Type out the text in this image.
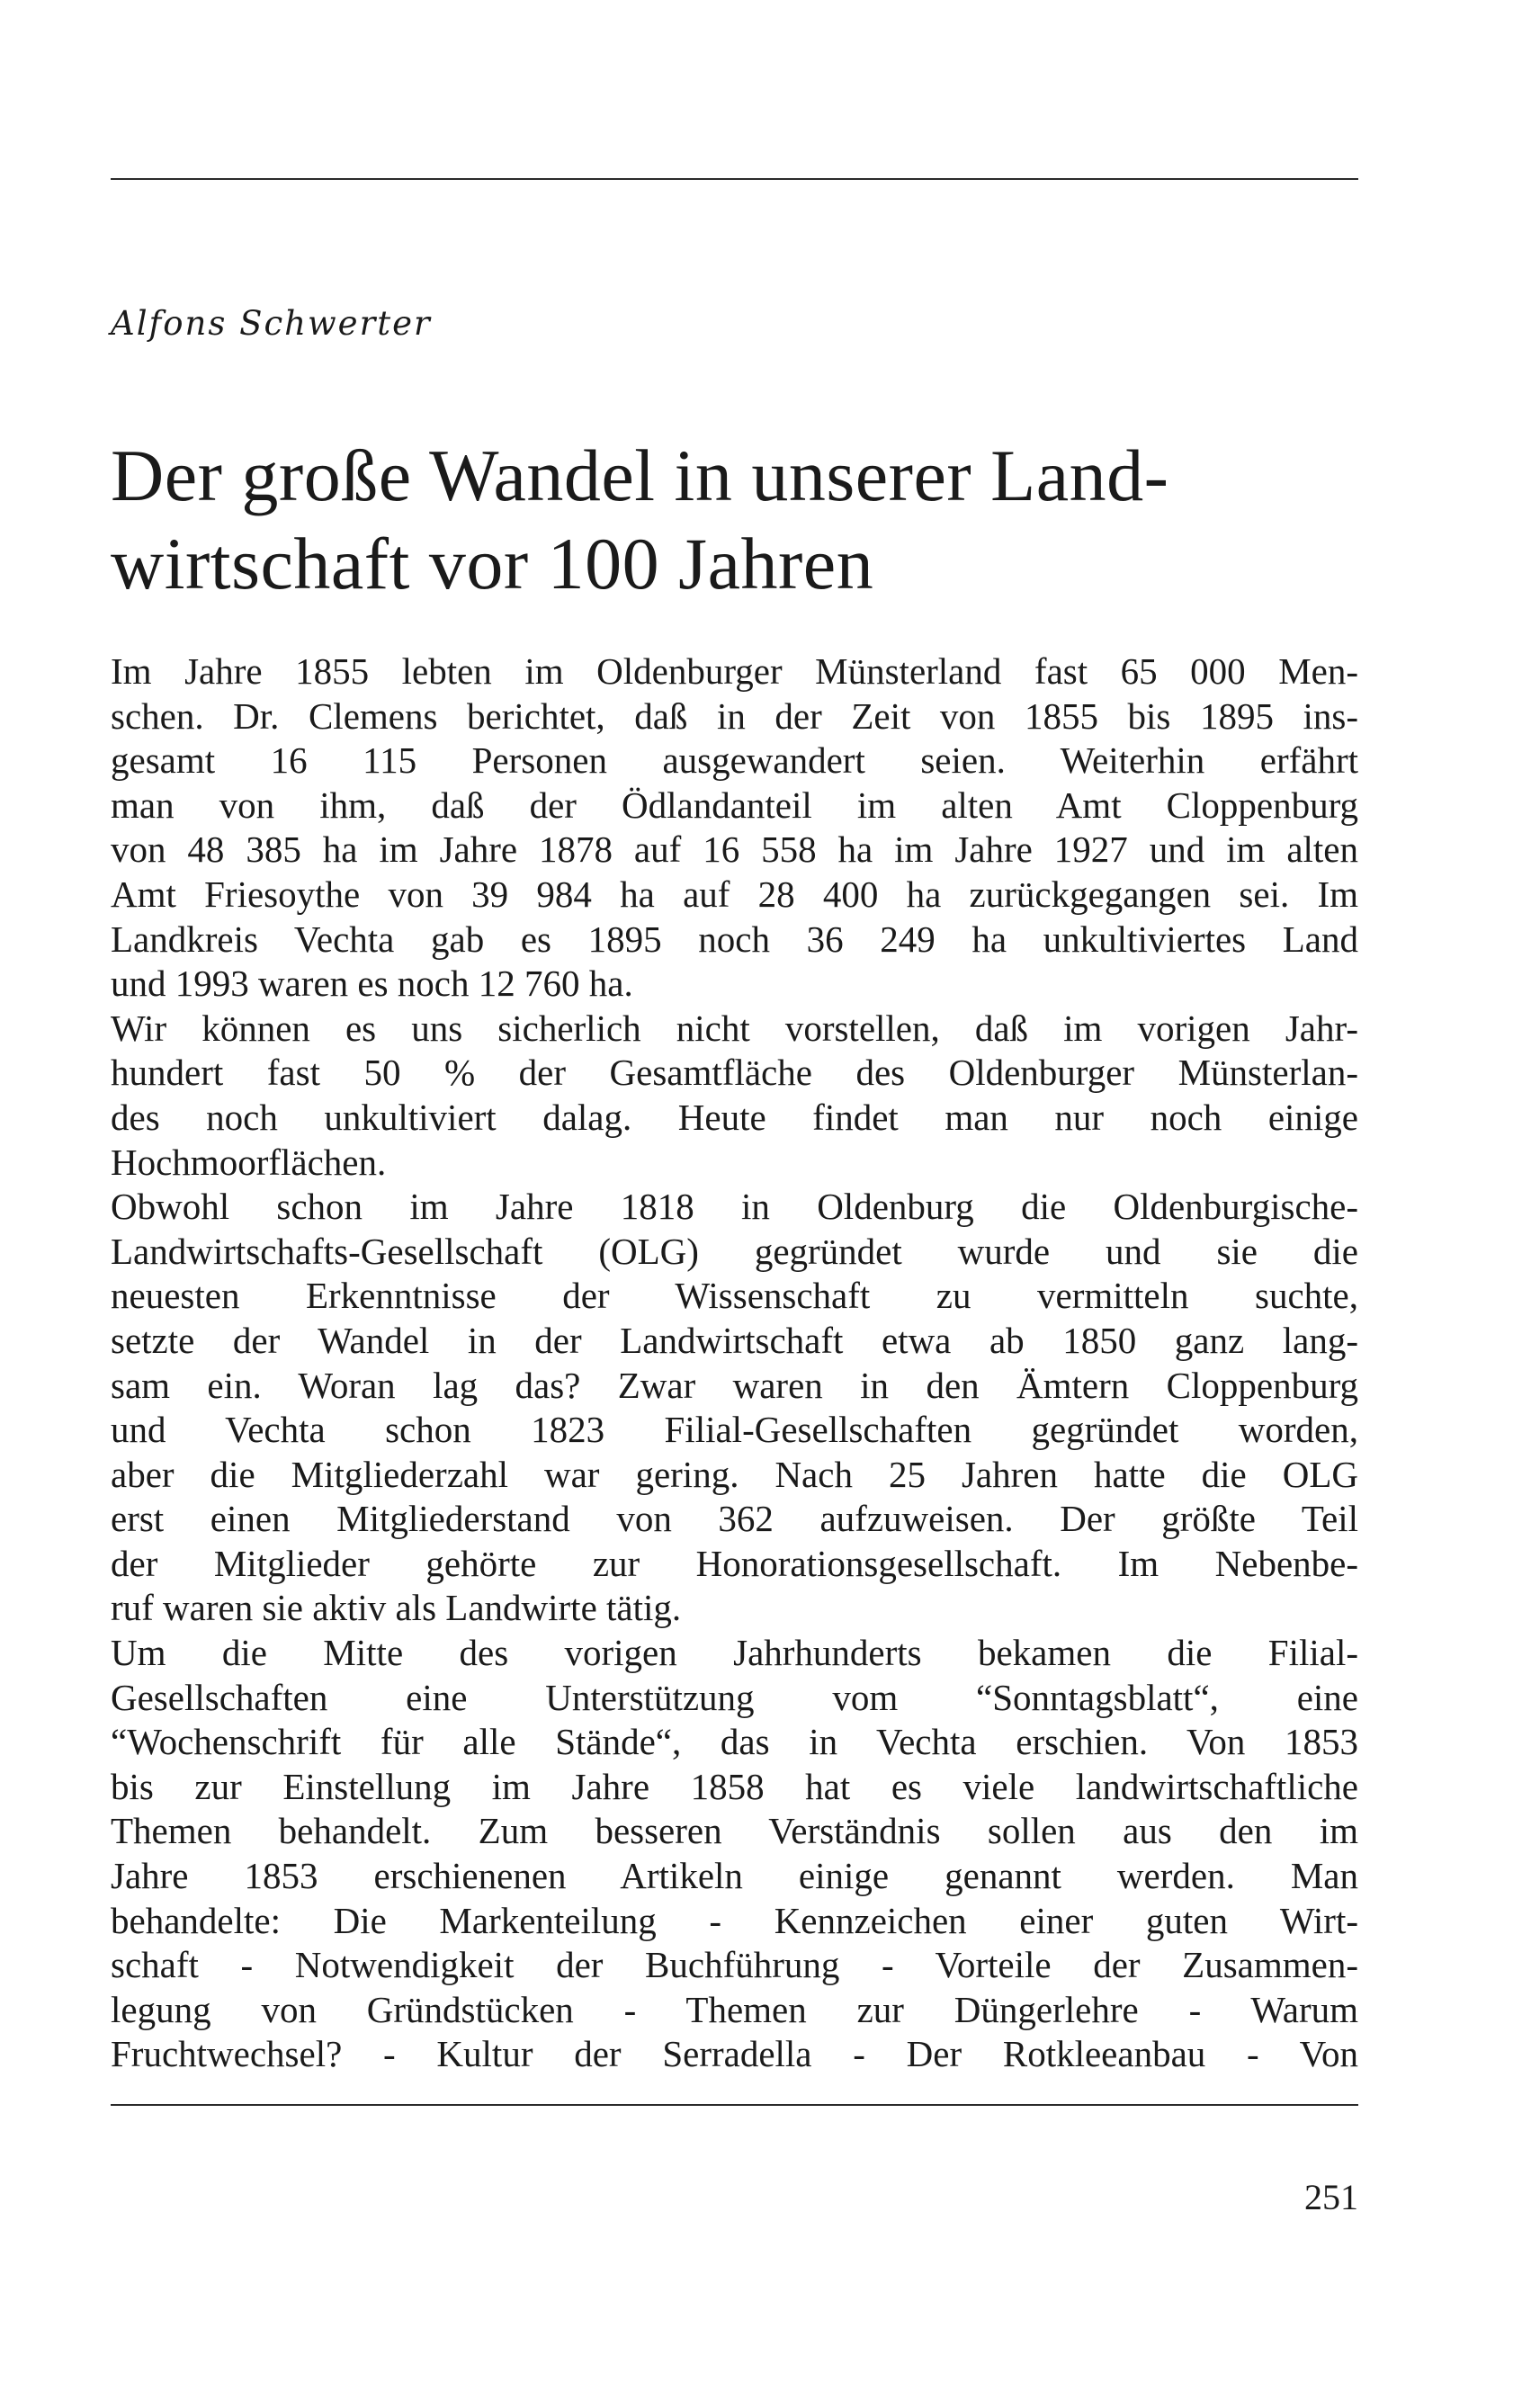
Alfons Schwerter
Der große Wandel in unserer Land-
wirtschaft vor 100 Jahren
Im Jahre 1855 lebten im Oldenburger Münsterland fast 65 000 Men-
schen. Dr. Clemens berichtet, daß in der Zeit von 1855 bis 1895 ins-
gesamt 16 115 Personen ausgewandert seien. Weiterhin erfährt
man von ihm, daß der Ödlandanteil im alten Amt Cloppenburg
von 48 385 ha im Jahre 1878 auf 16 558 ha im Jahre 1927 und im alten
Amt Friesoythe von 39 984 ha auf 28 400 ha zurückgegangen sei. Im
Landkreis Vechta gab es 1895 noch 36 249 ha unkultiviertes Land
und 1993 waren es noch 12 760 ha.
Wir können es uns sicherlich nicht vorstellen, daß im vorigen Jahr-
hundert fast 50 % der Gesamtfläche des Oldenburger Münsterlan-
des noch unkultiviert dalag. Heute findet man nur noch einige
Hochmoorflächen.
Obwohl schon im Jahre 1818 in Oldenburg die Oldenburgische-
Landwirtschafts-Gesellschaft (OLG) gegründet wurde und sie die
neuesten Erkenntnisse der Wissenschaft zu vermitteln suchte,
setzte der Wandel in der Landwirtschaft etwa ab 1850 ganz lang-
sam ein. Woran lag das? Zwar waren in den Ämtern Cloppenburg
und Vechta schon 1823 Filial-Gesellschaften gegründet worden,
aber die Mitgliederzahl war gering. Nach 25 Jahren hatte die OLG
erst einen Mitgliederstand von 362 aufzuweisen. Der größte Teil
der Mitglieder gehörte zur Honorationsgesellschaft. Im Nebenbe-
ruf waren sie aktiv als Landwirte tätig.
Um die Mitte des vorigen Jahrhunderts bekamen die Filial-
Gesellschaften eine Unterstützung vom “Sonntagsblatt“, eine
“Wochenschrift für alle Stände“, das in Vechta erschien. Von 1853
bis zur Einstellung im Jahre 1858 hat es viele landwirtschaftliche
Themen behandelt. Zum besseren Verständnis sollen aus den im
Jahre 1853 erschienenen Artikeln einige genannt werden. Man
behandelte: Die Markenteilung - Kennzeichen einer guten Wirt-
schaft - Notwendigkeit der Buchführung - Vorteile der Zusammen-
legung von Gründstücken - Themen zur Düngerlehre - Warum
Fruchtwechsel? - Kultur der Serradella - Der Rotkleeanbau - Von
251
